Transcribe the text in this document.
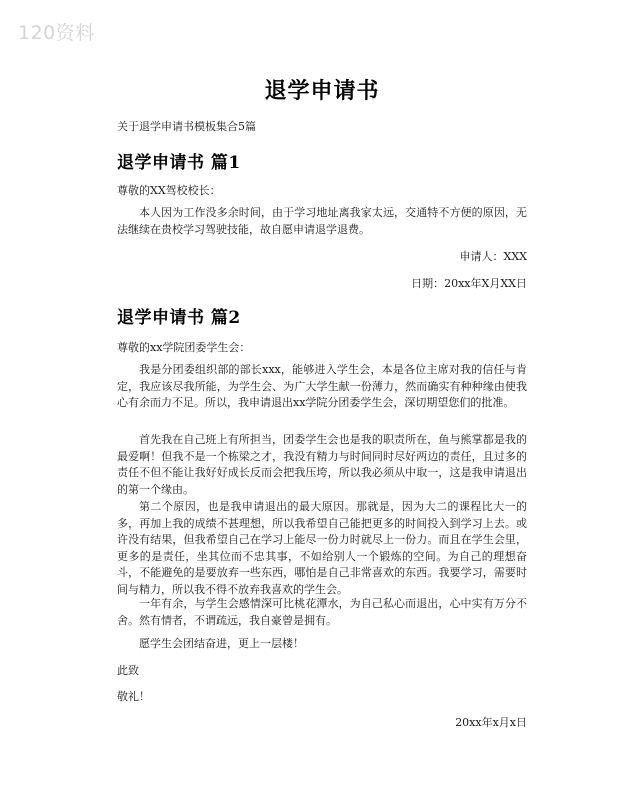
120资料
退学申请书
关于退学申请书模板集合5篇
退学申请书 篇1
尊敬的XX驾校校长：

本人因为工作没多余时间，由于学习地址离我家太远，交通特不方便的原因，无法继续在贵校学习驾驶技能，故自愿申请退学退费。

申请人：XXX
日期：20xx年X月XX日
退学申请书 篇2
尊敬的xx学院团委学生会：

我是分团委组织部的部长xxx，能够进入学生会，本是各位主席对我的信任与肯定，我应该尽我所能，为学生会、为广大学生献一份薄力，然而确实有种种缘由使我心有余而力不足。所以，我申请退出xx学院分团委学生会，深切期望您们的批准。

首先我在自己班上有所担当，团委学生会也是我的职责所在，鱼与熊掌都是我的最爱啊！但我不是一个栋梁之才，我没有精力与时间同时尽好两边的责任，且过多的责任不但不能让我好好成长反而会把我压垮，所以我必须从中取一，这是我申请退出的第一个缘由。

第二个原因，也是我申请退出的最大原因。那就是，因为大二的课程比大一的多，再加上我的成绩不甚理想，所以我希望自己能把更多的时间投入到学习上去。或许没有结果，但我希望自己在学习上能尽一份力时就尽上一份力。而且在学生会里，更多的是责任，坐其位而不忠其事，不如给别人一个锻炼的空间。为自己的理想奋斗，不能避免的是要放弃一些东西，哪怕是自己非常喜欢的东西。我要学习，需要时间与精力，所以我不得不放弃我喜欢的学生会。

一年有余，与学生会感情深可比桃花潭水，为自己私心而退出，心中实有万分不舍。然有情者，不谓疏远，我自豪曾是拥有。

愿学生会团结奋进，更上一层楼！

此致
敬礼！
20xx年x月x日
